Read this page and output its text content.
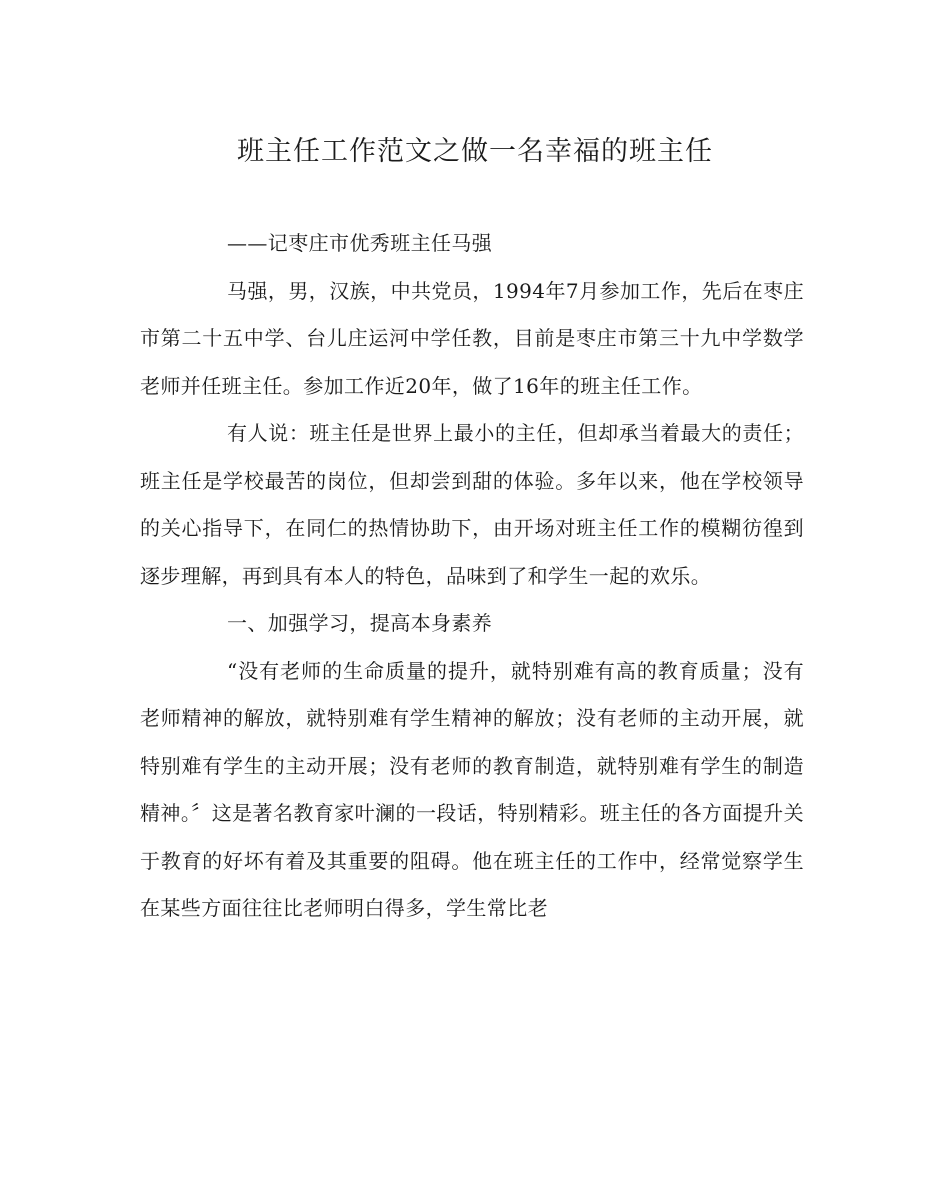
班主任工作范文之做一名幸福的班主任

——记枣庄市优秀班主任马强

马强，男，汉族，中共党员，1994年7月参加工作，先后在枣庄市第二十五中学、台儿庄运河中学任教，目前是枣庄市第三十九中学数学老师并任班主任。参加工作近20年，做了16年的班主任工作。

有人说：班主任是世界上最小的主任，但却承当着最大的责任；班主任是学校最苦的岗位，但却尝到甜的体验。多年以来，他在学校领导的关心指导下，在同仁的热情协助下，由开场对班主任工作的模糊彷徨到逐步理解，再到具有本人的特色，品味到了和学生一起的欢乐。

一、加强学习，提高本身素养

“没有老师的生命质量的提升，就特别难有高的教育质量；没有老师精神的解放，就特别难有学生精神的解放；没有老师的主动开展，就特别难有学生的主动开展；没有老师的教育制造，就特别难有学生的制造精神。〞这是著名教育家叶澜的一段话，特别精彩。班主任的各方面提升关于教育的好坏有着及其重要的阻碍。他在班主任的工作中，经常觉察学生在某些方面往往比老师明白得多，学生常比老
